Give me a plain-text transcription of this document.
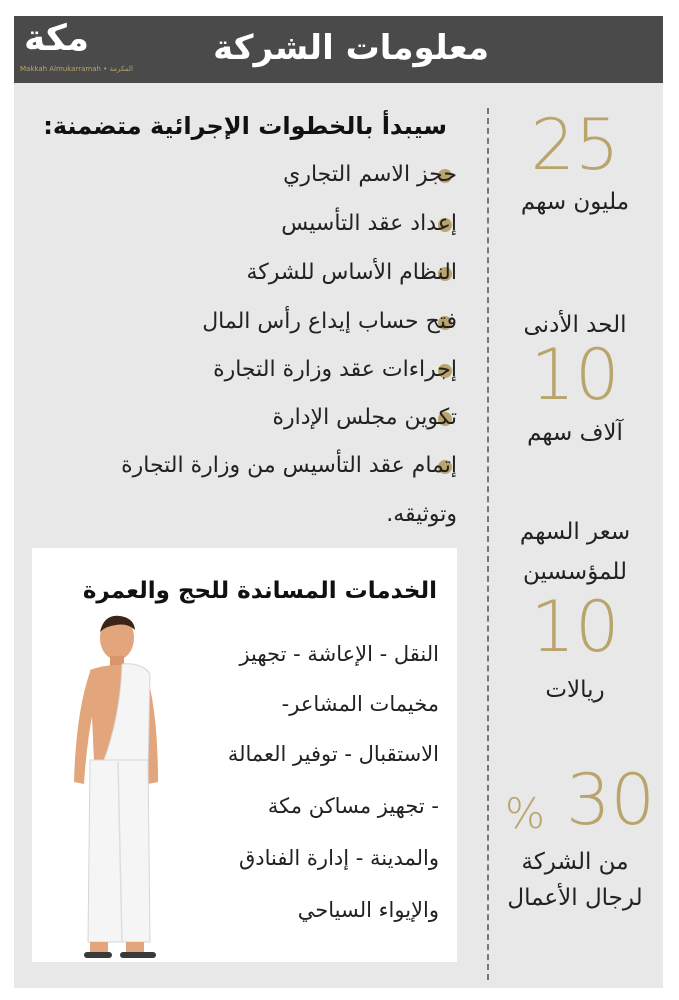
معلومات الشركة
مكة
Makkah Almukarramah • المكرمة
25
مليون سهم
الحد الأدنى
10
آلاف سهم
سعر السهم
للمؤسسين
10
ريالات
30
%
من الشركة
لرجال الأعمال
سيبدأ بالخطوات الإجرائية متضمنة:
حجز الاسم التجاري
إعداد عقد التأسيس
النظام الأساس للشركة
فتح حساب إيداع رأس المال
إجراءات عقد وزارة التجارة
تكوين مجلس الإدارة
إتمام عقد التأسيس من وزارة التجارة
وتوثيقه.
الخدمات المساندة للحج والعمرة
النقل - الإعاشة - تجهيز
مخيمات المشاعر-
الاستقبال - توفير العمالة
- تجهيز مساكن مكة
والمدينة - إدارة الفنادق
والإيواء السياحي
